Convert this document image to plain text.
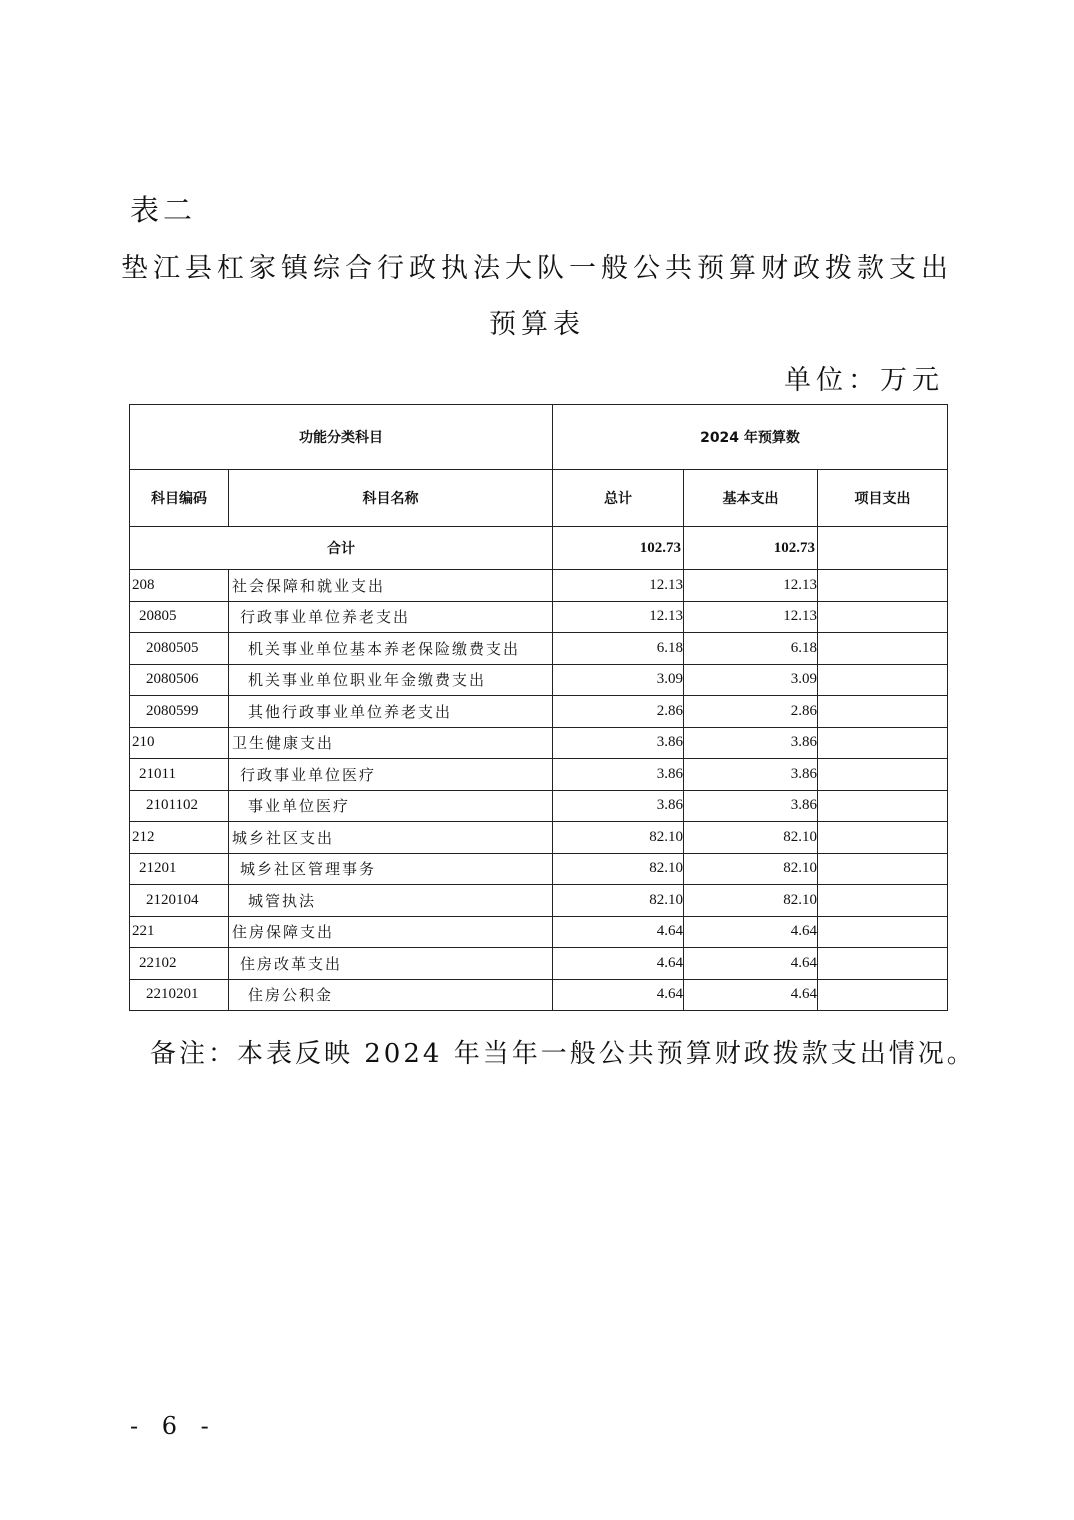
表二
垫江县杠家镇综合行政执法大队一般公共预算财政拨款支出
预算表
单位：万元
功能分类科目		2024 年预算数		
科目编码	科目名称	总计	基本支出	项目支出
合计		102.73	102.73	
208	社会保障和就业支出	12.13	12.13	
20805	行政事业单位养老支出	12.13	12.13	
2080505	机关事业单位基本养老保险缴费支出	6.18	6.18	
2080506	机关事业单位职业年金缴费支出	3.09	3.09	
2080599	其他行政事业单位养老支出	2.86	2.86	
210	卫生健康支出	3.86	3.86	
21011	行政事业单位医疗	3.86	3.86	
2101102	事业单位医疗	3.86	3.86	
212	城乡社区支出	82.10	82.10	
21201	城乡社区管理事务	82.10	82.10	
2120104	城管执法	82.10	82.10	
221	住房保障支出	4.64	4.64	
22102	住房改革支出	4.64	4.64	
2210201	住房公积金	4.64	4.64	
备注：本表反映 2024 年当年一般公共预算财政拨款支出情况。
- 6 -
